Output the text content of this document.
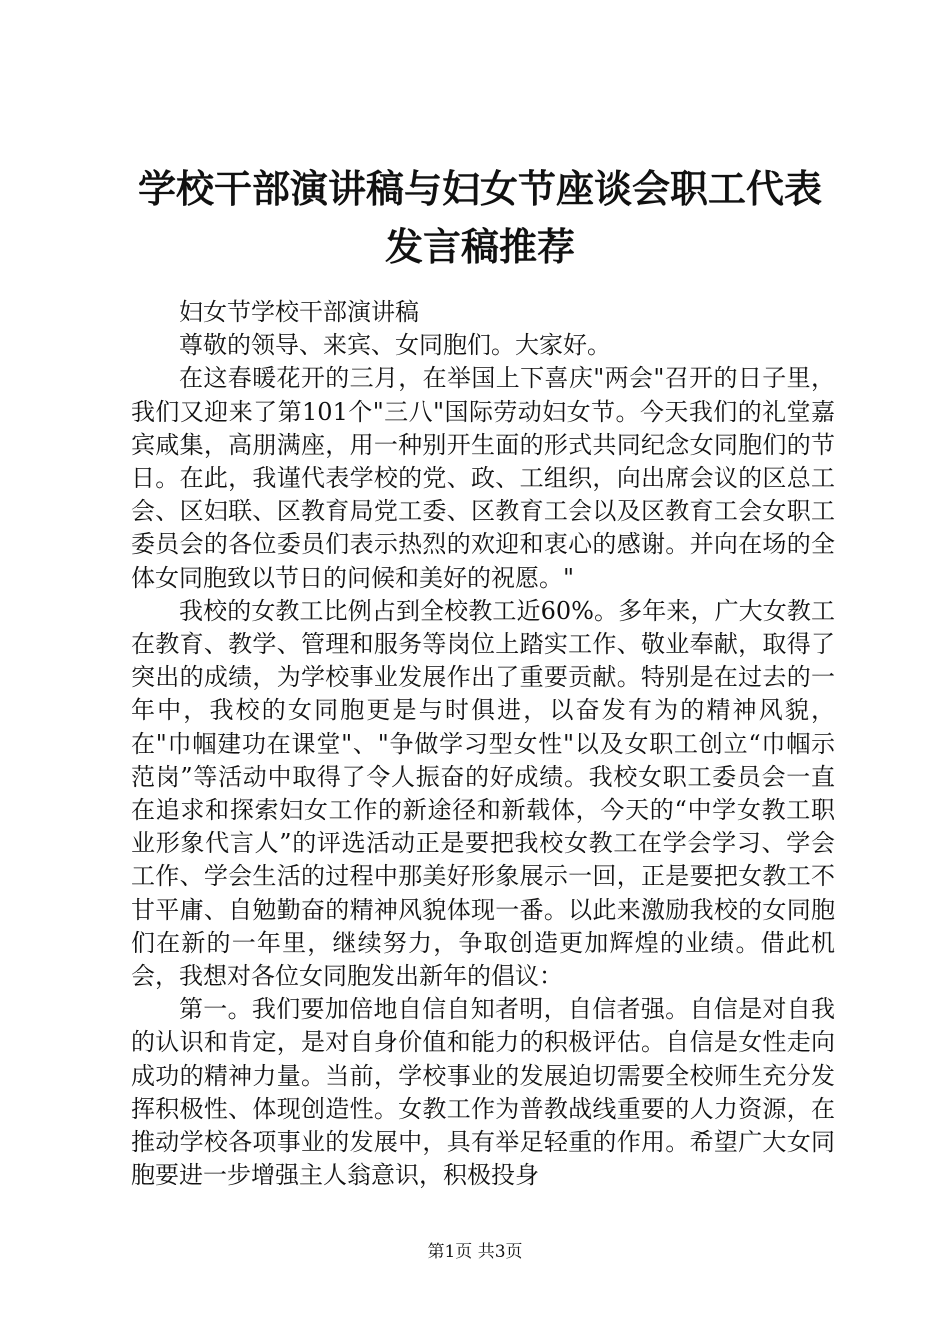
学校干部演讲稿与妇女节座谈会职工代表发言稿推荐

妇女节学校干部演讲稿

尊敬的领导、来宾、女同胞们。大家好。

在这春暖花开的三月，在举国上下喜庆"两会"召开的日子里，我们又迎来了第101个"三八"国际劳动妇女节。今天我们的礼堂嘉宾咸集，高朋满座，用一种别开生面的形式共同纪念女同胞们的节日。在此，我谨代表学校的党、政、工组织，向出席会议的区总工会、区妇联、区教育局党工委、区教育工会以及区教育工会女职工委员会的各位委员们表示热烈的欢迎和衷心的感谢。并向在场的全体女同胞致以节日的问候和美好的祝愿。"

我校的女教工比例占到全校教工近60%。多年来，广大女教工在教育、教学、管理和服务等岗位上踏实工作、敬业奉献，取得了突出的成绩，为学校事业发展作出了重要贡献。特别是在过去的一年中，我校的女同胞更是与时俱进，以奋发有为的精神风貌，在"巾帼建功在课堂"、"争做学习型女性"以及女职工创立“巾帼示范岗”等活动中取得了令人振奋的好成绩。我校女职工委员会一直在追求和探索妇女工作的新途径和新载体，今天的“中学女教工职业形象代言人”的评选活动正是要把我校女教工在学会学习、学会工作、学会生活的过程中那美好形象展示一回，正是要把女教工不甘平庸、自勉勤奋的精神风貌体现一番。以此来激励我校的女同胞们在新的一年里，继续努力，争取创造更加辉煌的业绩。借此机会，我想对各位女同胞发出新年的倡议：

第一。我们要加倍地自信自知者明，自信者强。自信是对自我的认识和肯定，是对自身价值和能力的积极评估。自信是女性走向成功的精神力量。当前，学校事业的发展迫切需要全校师生充分发挥积极性、体现创造性。女教工作为普教战线重要的人力资源，在推动学校各项事业的发展中，具有举足轻重的作用。希望广大女同胞要进一步增强主人翁意识，积极投身

第1页 共3页
